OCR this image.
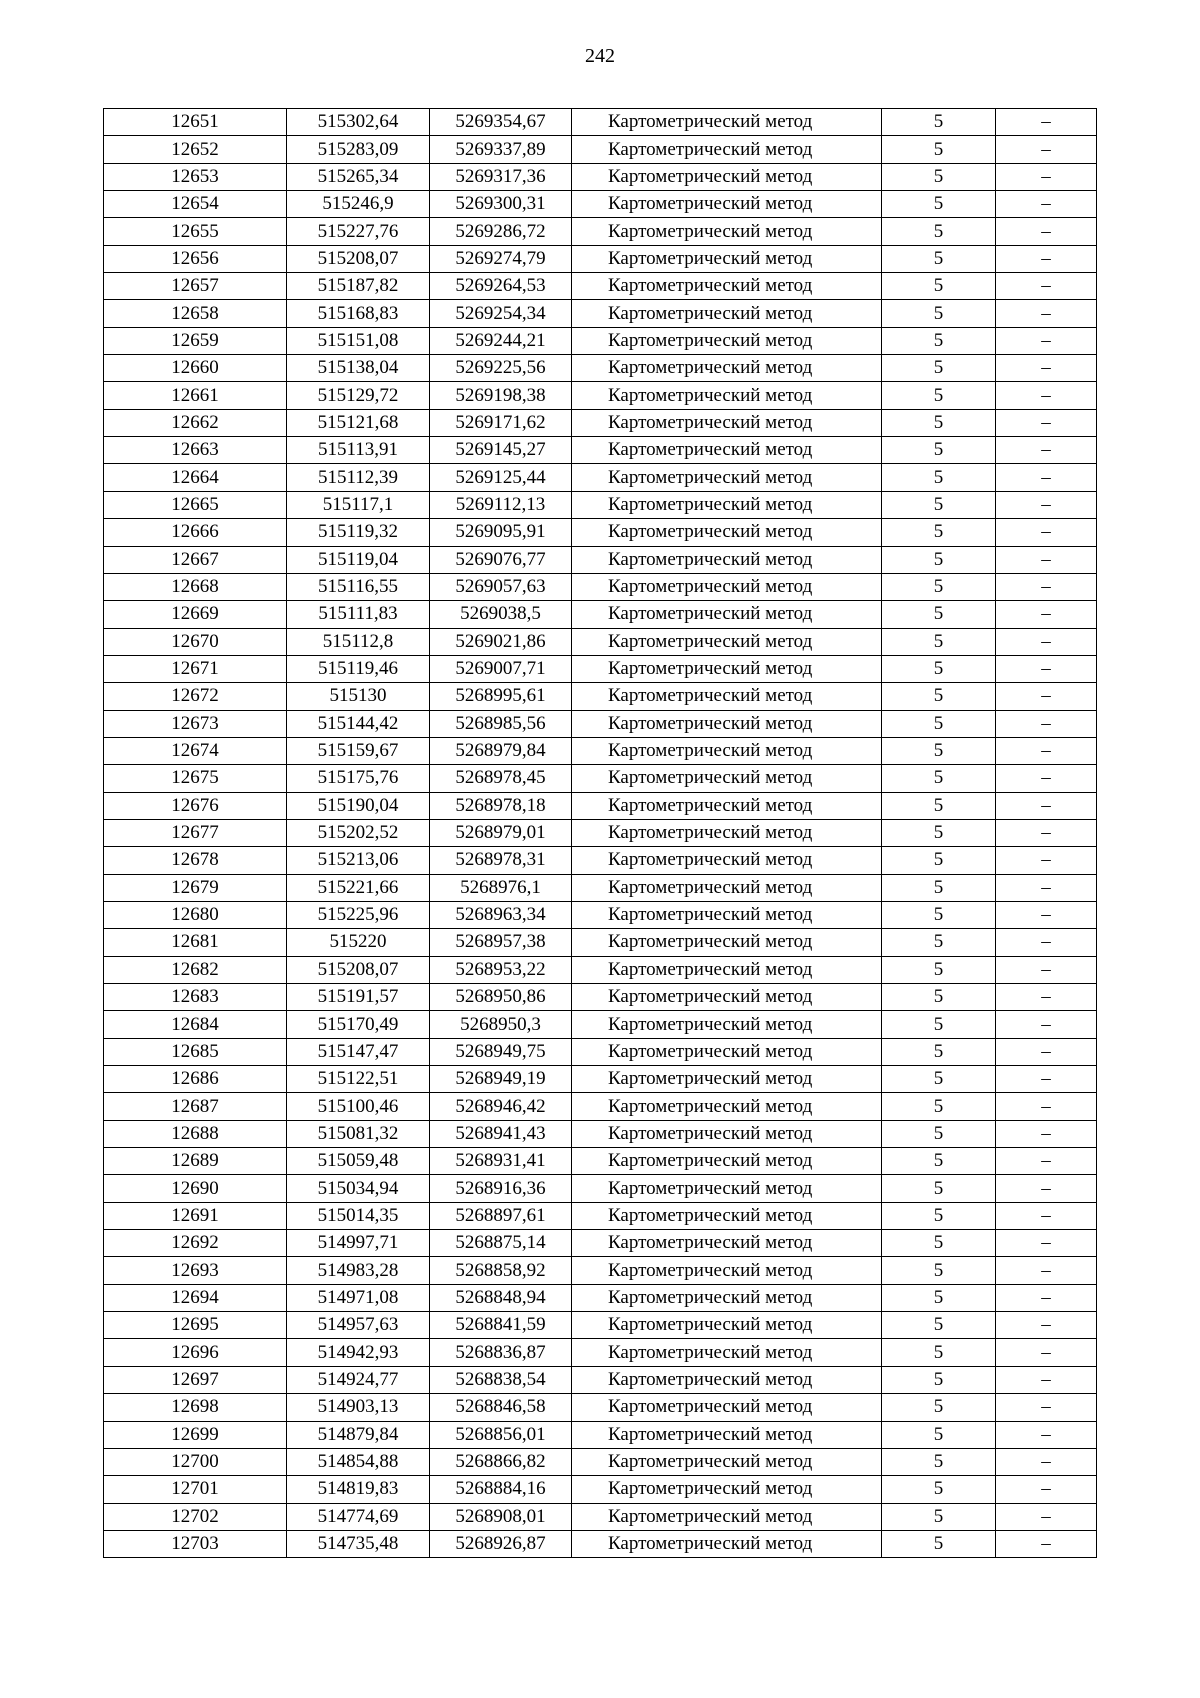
242
12651	515302,64	5269354,67	Картометрический метод	5	–
12652	515283,09	5269337,89	Картометрический метод	5	–
12653	515265,34	5269317,36	Картометрический метод	5	–
12654	515246,9	5269300,31	Картометрический метод	5	–
12655	515227,76	5269286,72	Картометрический метод	5	–
12656	515208,07	5269274,79	Картометрический метод	5	–
12657	515187,82	5269264,53	Картометрический метод	5	–
12658	515168,83	5269254,34	Картометрический метод	5	–
12659	515151,08	5269244,21	Картометрический метод	5	–
12660	515138,04	5269225,56	Картометрический метод	5	–
12661	515129,72	5269198,38	Картометрический метод	5	–
12662	515121,68	5269171,62	Картометрический метод	5	–
12663	515113,91	5269145,27	Картометрический метод	5	–
12664	515112,39	5269125,44	Картометрический метод	5	–
12665	515117,1	5269112,13	Картометрический метод	5	–
12666	515119,32	5269095,91	Картометрический метод	5	–
12667	515119,04	5269076,77	Картометрический метод	5	–
12668	515116,55	5269057,63	Картометрический метод	5	–
12669	515111,83	5269038,5	Картометрический метод	5	–
12670	515112,8	5269021,86	Картометрический метод	5	–
12671	515119,46	5269007,71	Картометрический метод	5	–
12672	515130	5268995,61	Картометрический метод	5	–
12673	515144,42	5268985,56	Картометрический метод	5	–
12674	515159,67	5268979,84	Картометрический метод	5	–
12675	515175,76	5268978,45	Картометрический метод	5	–
12676	515190,04	5268978,18	Картометрический метод	5	–
12677	515202,52	5268979,01	Картометрический метод	5	–
12678	515213,06	5268978,31	Картометрический метод	5	–
12679	515221,66	5268976,1	Картометрический метод	5	–
12680	515225,96	5268963,34	Картометрический метод	5	–
12681	515220	5268957,38	Картометрический метод	5	–
12682	515208,07	5268953,22	Картометрический метод	5	–
12683	515191,57	5268950,86	Картометрический метод	5	–
12684	515170,49	5268950,3	Картометрический метод	5	–
12685	515147,47	5268949,75	Картометрический метод	5	–
12686	515122,51	5268949,19	Картометрический метод	5	–
12687	515100,46	5268946,42	Картометрический метод	5	–
12688	515081,32	5268941,43	Картометрический метод	5	–
12689	515059,48	5268931,41	Картометрический метод	5	–
12690	515034,94	5268916,36	Картометрический метод	5	–
12691	515014,35	5268897,61	Картометрический метод	5	–
12692	514997,71	5268875,14	Картометрический метод	5	–
12693	514983,28	5268858,92	Картометрический метод	5	–
12694	514971,08	5268848,94	Картометрический метод	5	–
12695	514957,63	5268841,59	Картометрический метод	5	–
12696	514942,93	5268836,87	Картометрический метод	5	–
12697	514924,77	5268838,54	Картометрический метод	5	–
12698	514903,13	5268846,58	Картометрический метод	5	–
12699	514879,84	5268856,01	Картометрический метод	5	–
12700	514854,88	5268866,82	Картометрический метод	5	–
12701	514819,83	5268884,16	Картометрический метод	5	–
12702	514774,69	5268908,01	Картометрический метод	5	–
12703	514735,48	5268926,87	Картометрический метод	5	–
